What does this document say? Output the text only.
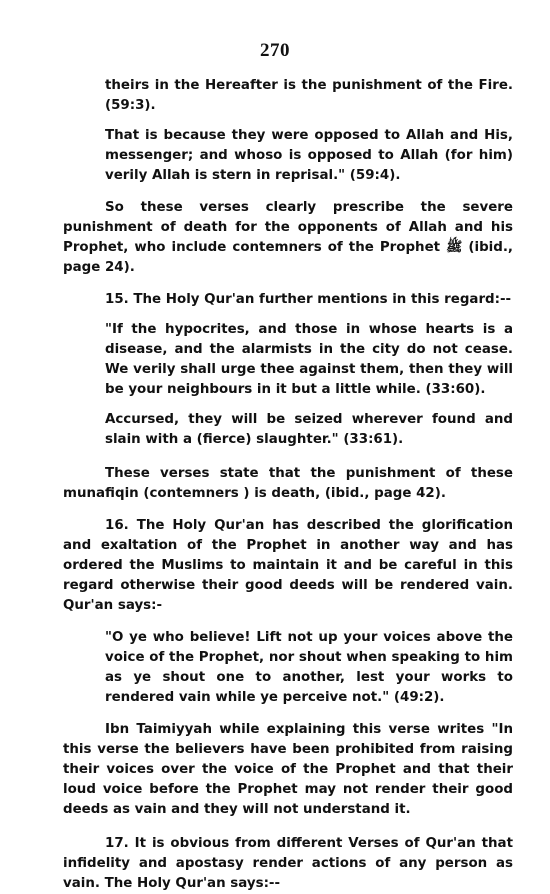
270

theirs in the Hereafter is the punishment of the Fire. (59:3).

That is because they were opposed to Allah and His, messenger; and whoso is opposed to Allah (for him) verily Allah is stern in reprisal." (59:4).

So these verses clearly prescribe the severe punishment of death for the opponents of Allah and his Prophet, who include contemners of the Prophet ﷺ (ibid., page 24).

15. The Holy Qur'an further mentions in this regard:--

"If the hypocrites, and those in whose hearts is a disease, and the alarmists in the city do not cease. We verily shall urge thee against them, then they will be your neighbours in it but a little while. (33:60).

Accursed, they will be seized wherever found and slain with a (fierce) slaughter." (33:61).

These verses state that the punishment of these munafiqin (contemners ) is death, (ibid., page 42).

16. The Holy Qur'an has described the glorification and exaltation of the Prophet in another way and has ordered the Muslims to maintain it and be careful in this regard otherwise their good deeds will be rendered vain. Qur'an says:-

"O ye who believe! Lift not up your voices above the voice of the Prophet, nor shout when speaking to him as ye shout one to another, lest your works to rendered vain while ye perceive not." (49:2).

Ibn Taimiyyah while explaining this verse writes "In this verse the believers have been prohibited from raising their voices over the voice of the Prophet and that their loud voice before the Prophet may not render their good deeds as vain and they will not understand it.

17. It is obvious from different Verses of Qur'an that infidelity and apostasy render actions of any person as vain. The Holy Qur'an says:--
